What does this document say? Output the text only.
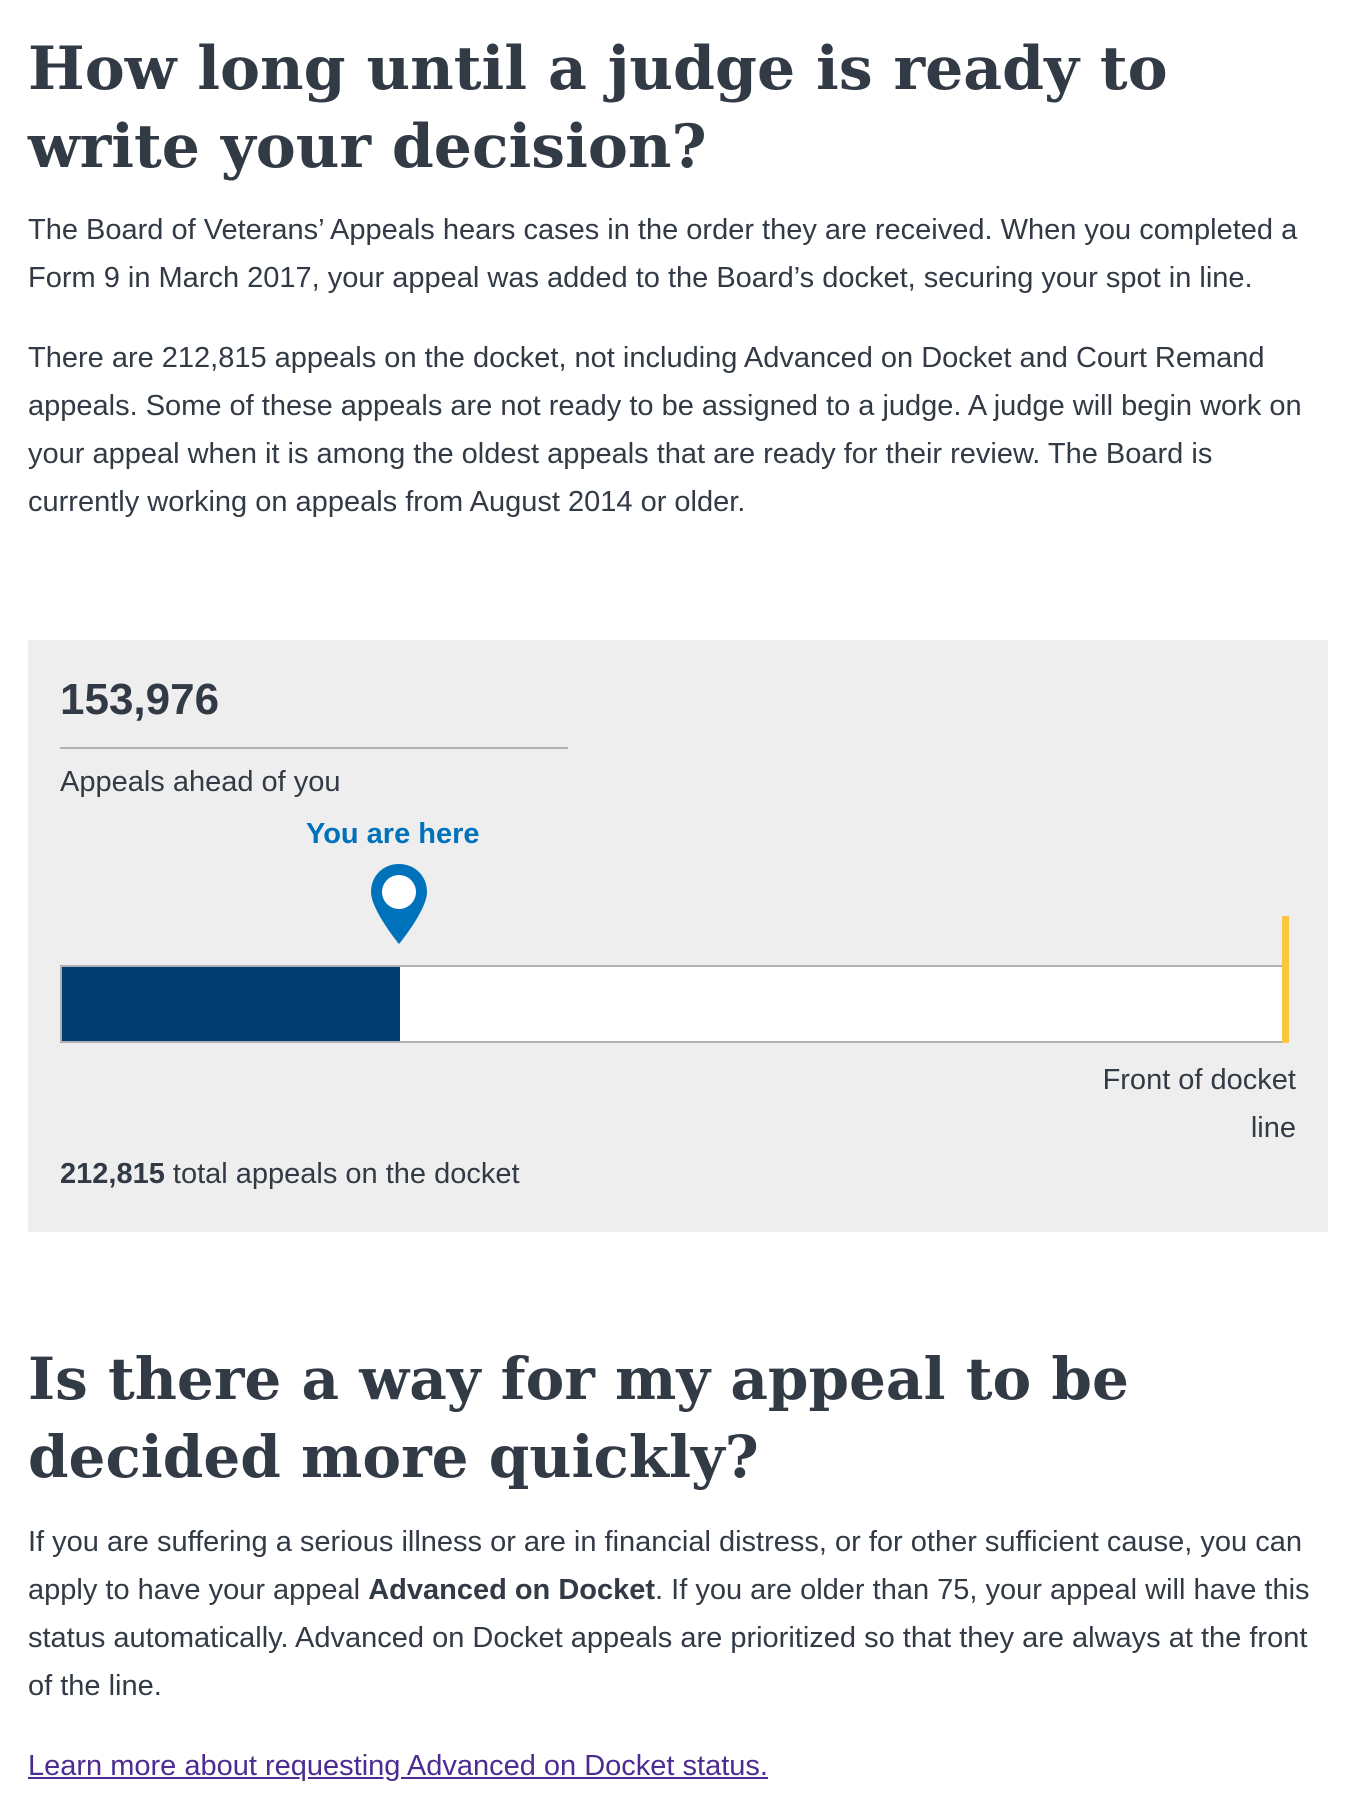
How long until a judge is ready to write your decision?

The Board of Veterans’ Appeals hears cases in the order they are received. When you completed a Form 9 in March 2017, your appeal was added to the Board’s docket, securing your spot in line.

There are 212,815 appeals on the docket, not including Advanced on Docket and Court Remand appeals. Some of these appeals are not ready to be assigned to a judge. A judge will begin work on your appeal when it is among the oldest appeals that are ready for their review. The Board is currently working on appeals from August 2014 or older.

153,976
Appeals ahead of you
You are here
Front of docket line
212,815 total appeals on the docket
Is there a way for my appeal to be decided more quickly?

If you are suffering a serious illness or are in financial distress, or for other sufficient cause, you can apply to have your appeal Advanced on Docket. If you are older than 75, your appeal will have this status automatically. Advanced on Docket appeals are prioritized so that they are always at the front of the line.

Learn more about requesting Advanced on Docket status.
